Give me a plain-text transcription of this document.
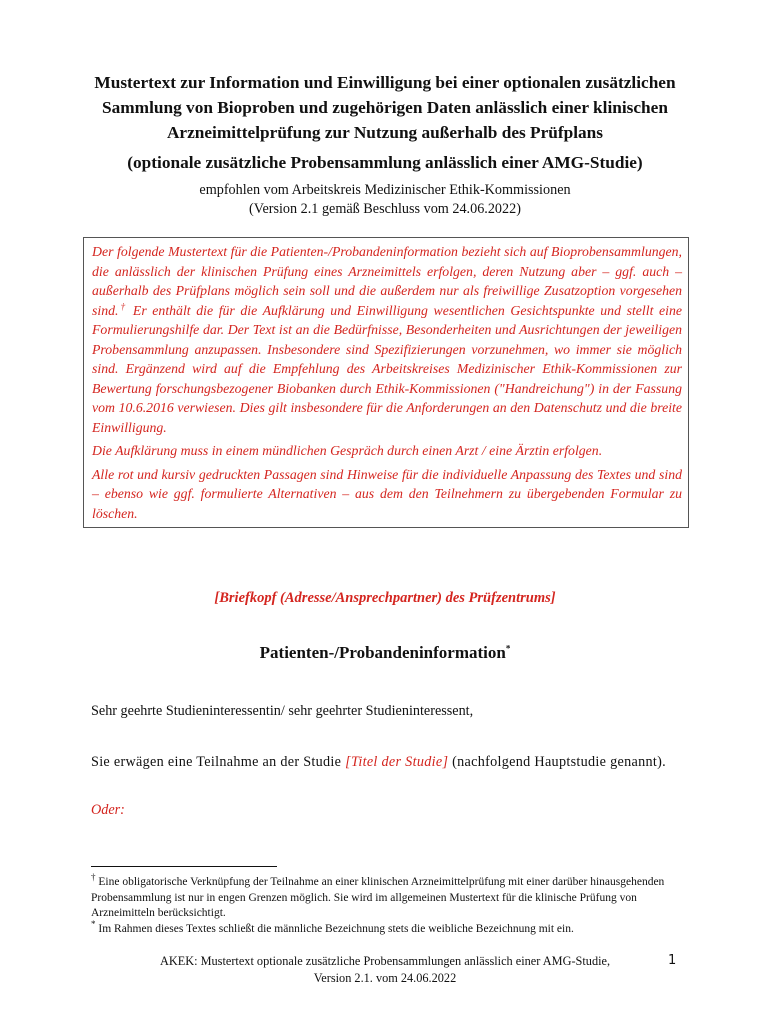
Mustertext zur Information und Einwilligung bei einer optionalen zusätzlichen Sammlung von Bioproben und zugehörigen Daten anlässlich einer klinischen Arzneimittelprüfung zur Nutzung außerhalb des Prüfplans

(optionale zusätzliche Probensammlung anlässlich einer AMG-Studie)

empfohlen vom Arbeitskreis Medizinischer Ethik-Kommissionen

(Version 2.1 gemäß Beschluss vom 24.06.2022)

Der folgende Mustertext für die Patienten-/Probandeninformation bezieht sich auf Bioprobensammlungen, die anlässlich der klinischen Prüfung eines Arzneimittels erfolgen, deren Nutzung aber – ggf. auch – außerhalb des Prüfplans möglich sein soll und die außerdem nur als freiwillige Zusatzoption vorgesehen sind.† Er enthält die für die Aufklärung und Einwilligung wesentlichen Gesichtspunkte und stellt eine Formulierungshilfe dar. Der Text ist an die Bedürfnisse, Besonderheiten und Ausrichtungen der jeweiligen Probensammlung anzupassen. Insbesondere sind Spezifizierungen vorzunehmen, wo immer sie möglich sind. Ergänzend wird auf die Empfehlung des Arbeitskreises Medizinischer Ethik-Kommissionen zur Bewertung forschungsbezogener Biobanken durch Ethik-Kommissionen ("Handreichung") in der Fassung vom 10.6.2016 verwiesen. Dies gilt insbesondere für die Anforderungen an den Datenschutz und die breite Einwilligung.

Die Aufklärung muss in einem mündlichen Gespräch durch einen Arzt / eine Ärztin erfolgen.

Alle rot und kursiv gedruckten Passagen sind Hinweise für die individuelle Anpassung des Textes und sind – ebenso wie ggf. formulierte Alternativen – aus dem den Teilnehmern zu übergebenden Formular zu löschen.

[Briefkopf (Adresse/Ansprechpartner) des Prüfzentrums]
Patienten-/Probandeninformation*
Sehr geehrte Studieninteressentin/ sehr geehrter Studieninteressent,
Sie erwägen eine Teilnahme an der Studie [Titel der Studie] (nachfolgend Hauptstudie genannt).
Oder:

† Eine obligatorische Verknüpfung der Teilnahme an einer klinischen Arzneimittelprüfung mit einer darüber hinausgehenden Probensammlung ist nur in engen Grenzen möglich. Sie wird im allgemeinen Mustertext für die klinische Prüfung von Arzneimitteln berücksichtigt.

* Im Rahmen dieses Textes schließt die männliche Bezeichnung stets die weibliche Bezeichnung mit ein.

AKEK: Mustertext optionale zusätzliche Probensammlungen anlässlich einer AMG-Studie,
Version 2.1. vom 24.06.2022
1
